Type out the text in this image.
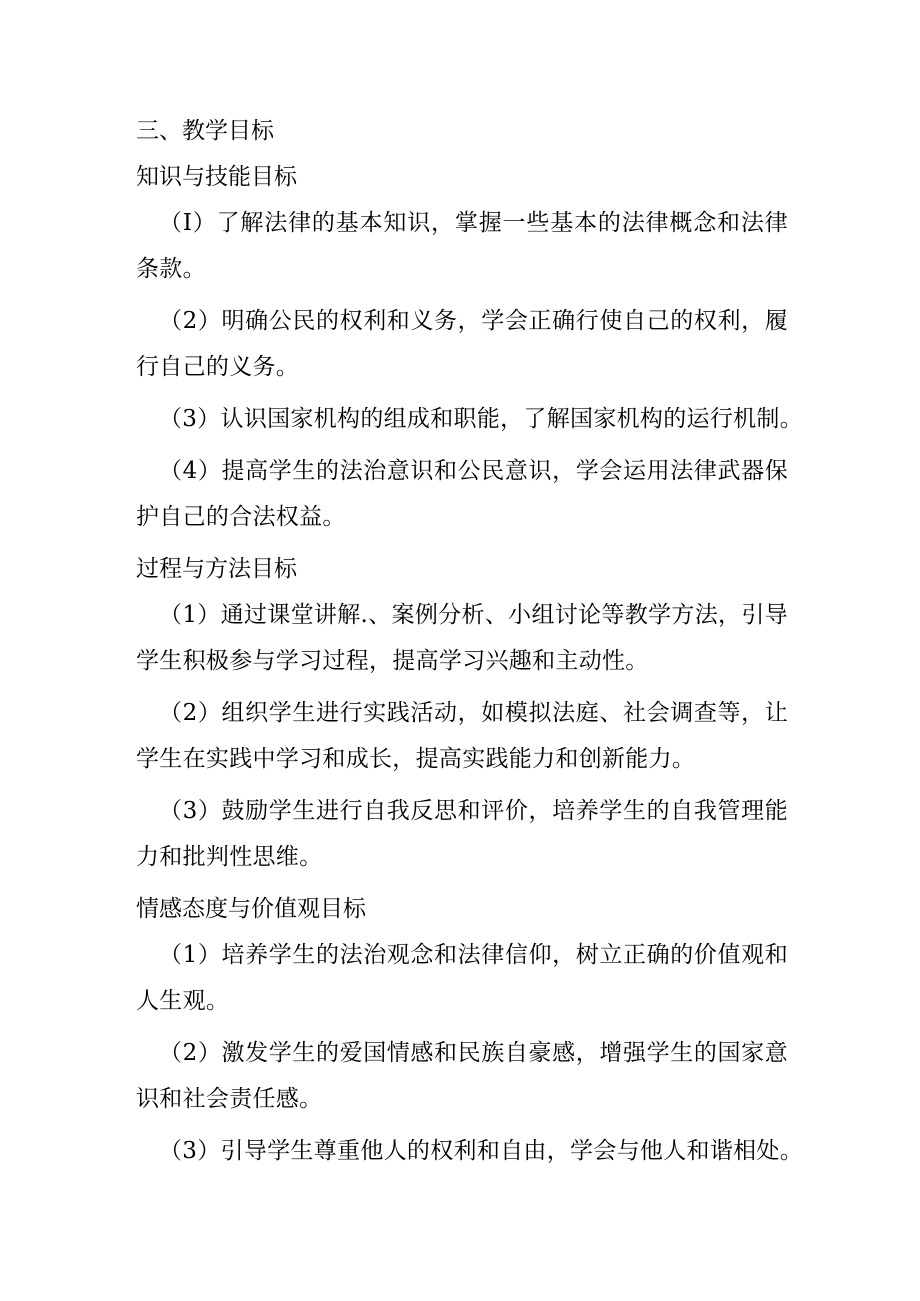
三、教学目标

知识与技能目标

（I）了解法律的基本知识，掌握一些基本的法律概念和法律条款。

（2）明确公民的权利和义务，学会正确行使自己的权利，履行自己的义务。

（3）认识国家机构的组成和职能，了解国家机构的运行机制。

（4）提高学生的法治意识和公民意识，学会运用法律武器保护自己的合法权益。

过程与方法目标

（1）通过课堂讲解.、案例分析、小组讨论等教学方法，引导学生积极参与学习过程，提高学习兴趣和主动性。

（2）组织学生进行实践活动，如模拟法庭、社会调查等，让学生在实践中学习和成长，提高实践能力和创新能力。

（3）鼓励学生进行自我反思和评价，培养学生的自我管理能力和批判性思维。

情感态度与价值观目标

（1）培养学生的法治观念和法律信仰，树立正确的价值观和人生观。

（2）激发学生的爱国情感和民族自豪感，增强学生的国家意识和社会责任感。

（3）引导学生尊重他人的权利和自由，学会与他人和谐相处。
